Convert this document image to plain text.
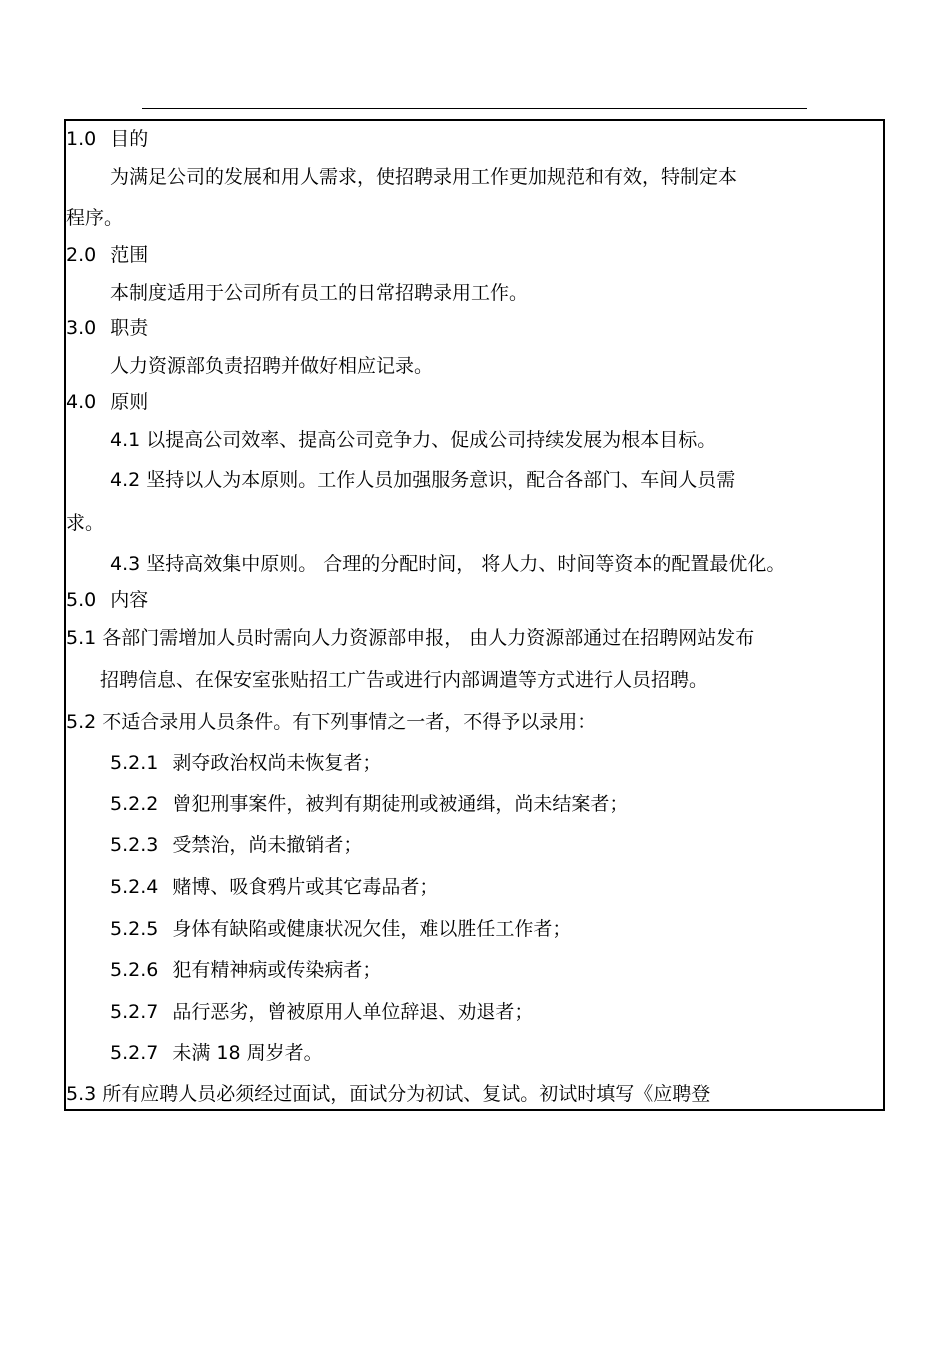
1.0 目的
为满足公司的发展和用人需求，使招聘录用工作更加规范和有效，特制定本
程序。
2.0 范围
本制度适用于公司所有员工的日常招聘录用工作。
3.0 职责
人力资源部负责招聘并做好相应记录。
4.0 原则
4.1 以提高公司效率、提高公司竞争力、促成公司持续发展为根本目标。
4.2 坚持以人为本原则。工作人员加强服务意识，配合各部门、车间人员需
求。
4.3 坚持高效集中原则。 合理的分配时间， 将人力、时间等资本的配置最优化。
5.0 内容
5.1 各部门需增加人员时需向人力资源部申报， 由人力资源部通过在招聘网站发布
招聘信息、在保安室张贴招工广告或进行内部调遣等方式进行人员招聘。
5.2 不适合录用人员条件。有下列事情之一者，不得予以录用：
5.2.1 剥夺政治权尚未恢复者；
5.2.2 曾犯刑事案件，被判有期徒刑或被通缉，尚未结案者；
5.2.3 受禁治，尚未撤销者；
5.2.4 赌博、吸食鸦片或其它毒品者；
5.2.5 身体有缺陷或健康状况欠佳，难以胜任工作者；
5.2.6 犯有精神病或传染病者；
5.2.7 品行恶劣，曾被原用人单位辞退、劝退者；
5.2.7 未满 18 周岁者。
5.3 所有应聘人员必须经过面试，面试分为初试、复试。初试时填写《应聘登
